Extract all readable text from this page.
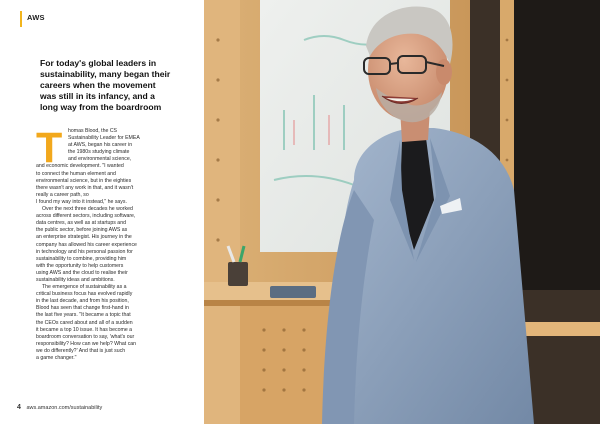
AWS
For today's global leaders in
sustainability, many began their
careers when the movement
was still in its infancy, and a
long way from the boardroom
T	homas Blood, the CS
Sustainability Leader for EMEA
at AWS, began his career in
the 1980s studying climate
and environmental science,
and economic development. "I wanted
to connect the human element and
environmental science, but in the eighties
there wasn't any work in that, and it wasn't
really a career path, so
I found my way into it instead," he says.
Over the next three decades he worked
across different sectors, including software,
data centres, as well as at startups and
the public sector, before joining AWS as
an enterprise strategist. His journey in the
company has allowed his career experience
in technology and his personal passion for
sustainability to combine, providing him
with the opportunity to help customers
using AWS and the cloud to realise their
sustainability ideas and ambitions.
The emergence of sustainability as a
critical business focus has evolved rapidly
in the last decade, and from his position,
Blood has seen that change first-hand in
the last five years. "It became a topic that
the CEOs cared about and all of a sudden
it became a top 10 issue. It has become a
boardroom conversation to say, 'what's our
responsibility? How can we help? What can
we do differently?' And that is just such
a game changer."
4 aws.amazon.com/sustainability
